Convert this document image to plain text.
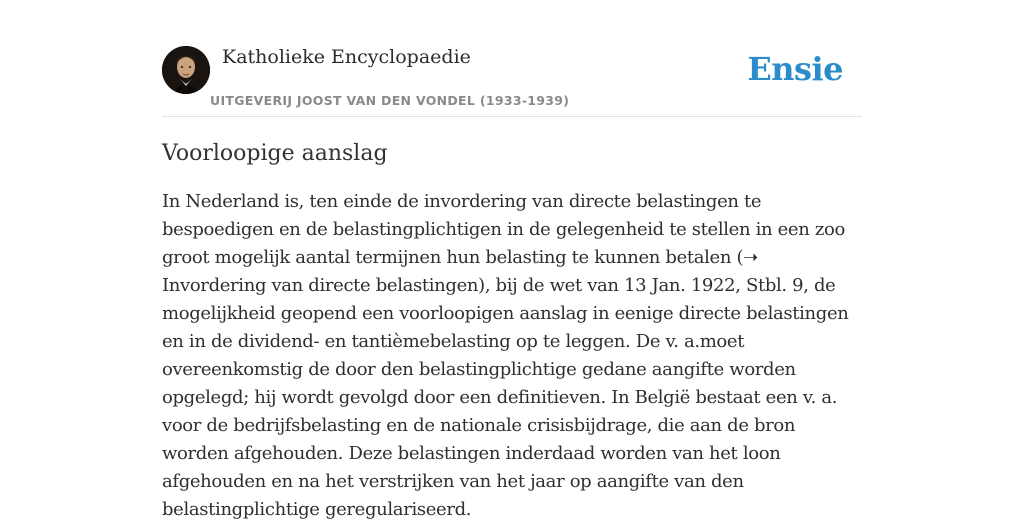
Katholieke Encyclopaedie
UITGEVERIJ JOOST VAN DEN VONDEL (1933-1939)
Ensie
Voorloopige aanslag

In Nederland is, ten einde de invordering van directe belastingen te bespoedigen en de belastingplichtigen in de gelegenheid te stellen in een zoo groot mogelijk aantal termijnen hun belasting te kunnen betalen (➝ Invordering van directe belastingen), bij de wet van 13 Jan. 1922, Stbl. 9, de mogelijkheid geopend een voorloopigen aanslag in eenige directe belastingen en in de dividend- en tantièmebelasting op te leggen. De v. a.moet overeenkomstig de door den belastingplichtige gedane aangifte worden opgelegd; hij wordt gevolgd door een definitieven. In België bestaat een v. a. voor de bedrijfsbelasting en de nationale crisisbijdrage, die aan de bron worden afgehouden. Deze belastingen inderdaad worden van het loon afgehouden en na het verstrijken van het jaar op aangifte van den belastingplichtige geregulariseerd.
